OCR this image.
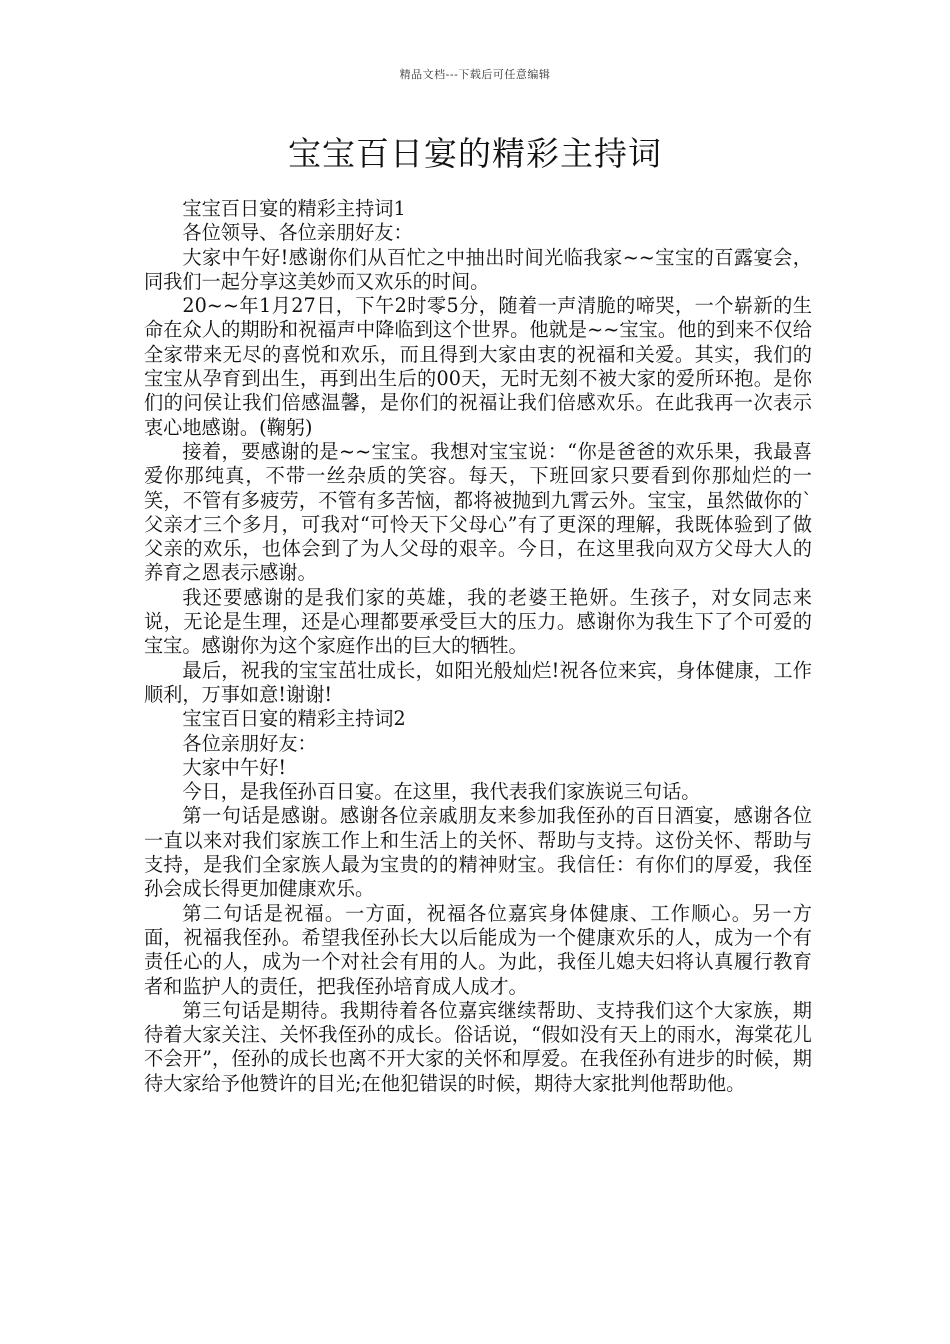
精品文档---下载后可任意编辑
宝宝百日宴的精彩主持词

宝宝百日宴的精彩主持词1

各位领导、各位亲朋好友：

大家中午好!感谢你们从百忙之中抽出时间光临我家~~宝宝的百露宴会，同我们一起分享这美妙而又欢乐的时间。

20~~年1月27日，下午2时零5分，随着一声清脆的啼哭，一个崭新的生命在众人的期盼和祝福声中降临到这个世界。他就是~~宝宝。他的到来不仅给全家带来无尽的喜悦和欢乐，而且得到大家由衷的祝福和关爱。其实，我们的宝宝从孕育到出生，再到出生后的00天，无时无刻不被大家的爱所环抱。是你们的问侯让我们倍感温馨，是你们的祝福让我们倍感欢乐。在此我再一次表示衷心地感谢。(鞠躬)

接着，要感谢的是~~宝宝。我想对宝宝说：“你是爸爸的欢乐果，我最喜爱你那纯真，不带一丝杂质的笑容。每天，下班回家只要看到你那灿烂的一笑，不管有多疲劳，不管有多苦恼，都将被抛到九霄云外。宝宝，虽然做你的`父亲才三个多月，可我对“可怜天下父母心”有了更深的理解，我既体验到了做父亲的欢乐，也体会到了为人父母的艰辛。今日，在这里我向双方父母大人的养育之恩表示感谢。

我还要感谢的是我们家的英雄，我的老婆王艳妍。生孩子，对女同志来说，无论是生理，还是心理都要承受巨大的压力。感谢你为我生下了个可爱的宝宝。感谢你为这个家庭作出的巨大的牺牲。

最后，祝我的宝宝茁壮成长，如阳光般灿烂!祝各位来宾，身体健康，工作顺利，万事如意!谢谢!

宝宝百日宴的精彩主持词2

各位亲朋好友：

大家中午好!

今日，是我侄孙百日宴。在这里，我代表我们家族说三句话。

第一句话是感谢。感谢各位亲戚朋友来参加我侄孙的百日酒宴，感谢各位一直以来对我们家族工作上和生活上的关怀、帮助与支持。这份关怀、帮助与支持，是我们全家族人最为宝贵的的精神财宝。我信任：有你们的厚爱，我侄孙会成长得更加健康欢乐。

第二句话是祝福。一方面，祝福各位嘉宾身体健康、工作顺心。另一方面，祝福我侄孙。希望我侄孙长大以后能成为一个健康欢乐的人，成为一个有责任心的人，成为一个对社会有用的人。为此，我侄儿媳夫妇将认真履行教育者和监护人的责任，把我侄孙培育成人成才。

第三句话是期待。我期待着各位嘉宾继续帮助、支持我们这个大家族，期待着大家关注、关怀我侄孙的成长。俗话说，“假如没有天上的雨水，海棠花儿不会开”，侄孙的成长也离不开大家的关怀和厚爱。在我侄孙有进步的时候，期待大家给予他赞许的目光;在他犯错误的时候，期待大家批判他帮助他。
